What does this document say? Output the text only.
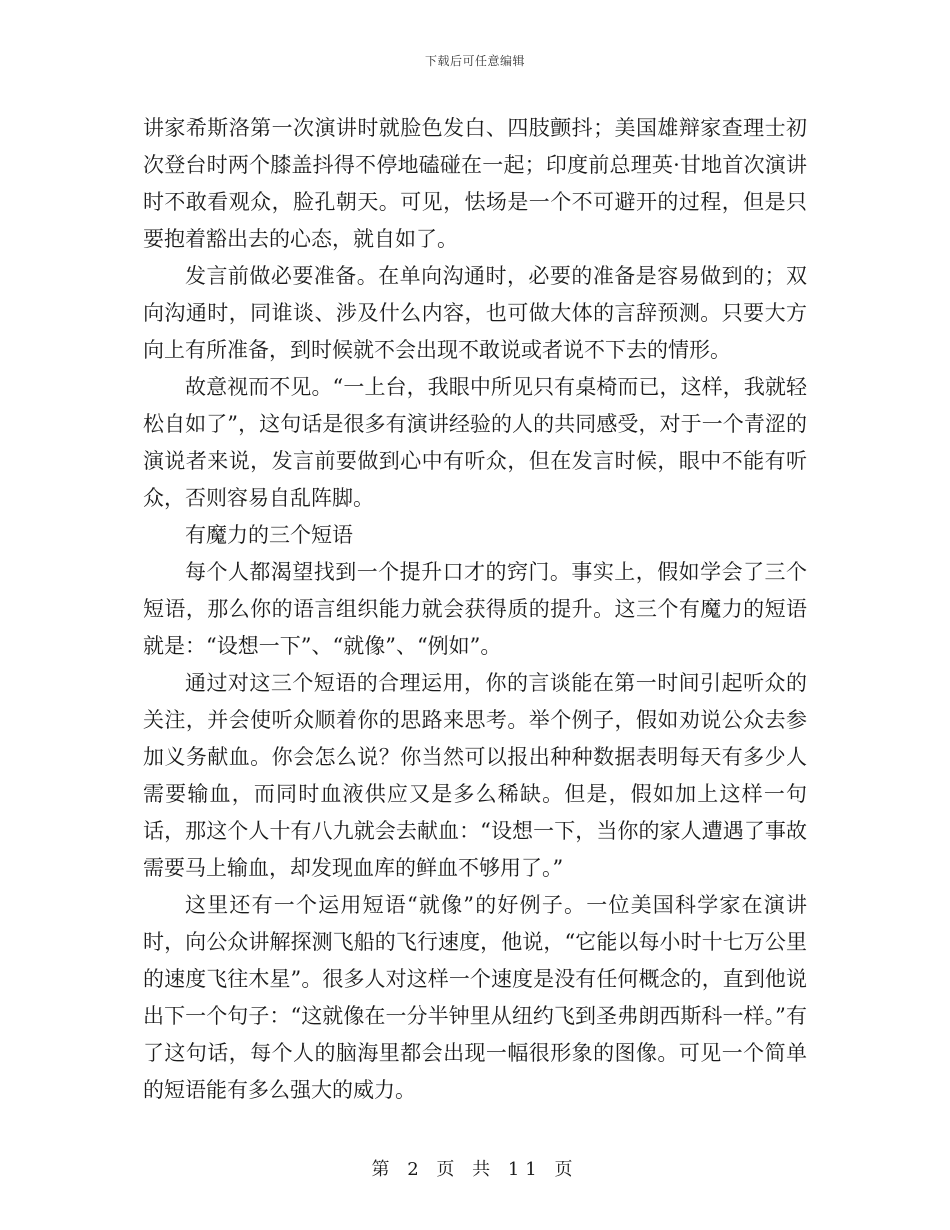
下载后可任意编辑

讲家希斯洛第一次演讲时就脸色发白、四肢颤抖；美国雄辩家查理士初次登台时两个膝盖抖得不停地磕碰在一起；印度前总理英·甘地首次演讲时不敢看观众，脸孔朝天。可见，怯场是一个不可避开的过程，但是只要抱着豁出去的心态，就自如了。

发言前做必要准备。在单向沟通时，必要的准备是容易做到的；双向沟通时，同谁谈、涉及什么内容，也可做大体的言辞预测。只要大方向上有所准备，到时候就不会出现不敢说或者说不下去的情形。

故意视而不见。“一上台，我眼中所见只有桌椅而已，这样，我就轻松自如了”，这句话是很多有演讲经验的人的共同感受，对于一个青涩的演说者来说，发言前要做到心中有听众，但在发言时候，眼中不能有听众，否则容易自乱阵脚。

有魔力的三个短语

每个人都渴望找到一个提升口才的窍门。事实上，假如学会了三个短语，那么你的语言组织能力就会获得质的提升。这三个有魔力的短语就是：“设想一下”、“就像”、“例如”。

通过对这三个短语的合理运用，你的言谈能在第一时间引起听众的关注，并会使听众顺着你的思路来思考。举个例子，假如劝说公众去参加义务献血。你会怎么说？你当然可以报出种种数据表明每天有多少人需要输血，而同时血液供应又是多么稀缺。但是，假如加上这样一句话，那这个人十有八九就会去献血：“设想一下，当你的家人遭遇了事故需要马上输血，却发现血库的鲜血不够用了。”

这里还有一个运用短语“就像”的好例子。一位美国科学家在演讲时，向公众讲解探测飞船的飞行速度，他说，“它能以每小时十七万公里的速度飞往木星”。很多人对这样一个速度是没有任何概念的，直到他说出下一个句子：“这就像在一分半钟里从纽约飞到圣弗朗西斯科一样。”有了这句话，每个人的脑海里都会出现一幅很形象的图像。可见一个简单的短语能有多么强大的威力。

第 2 页 共 11 页
